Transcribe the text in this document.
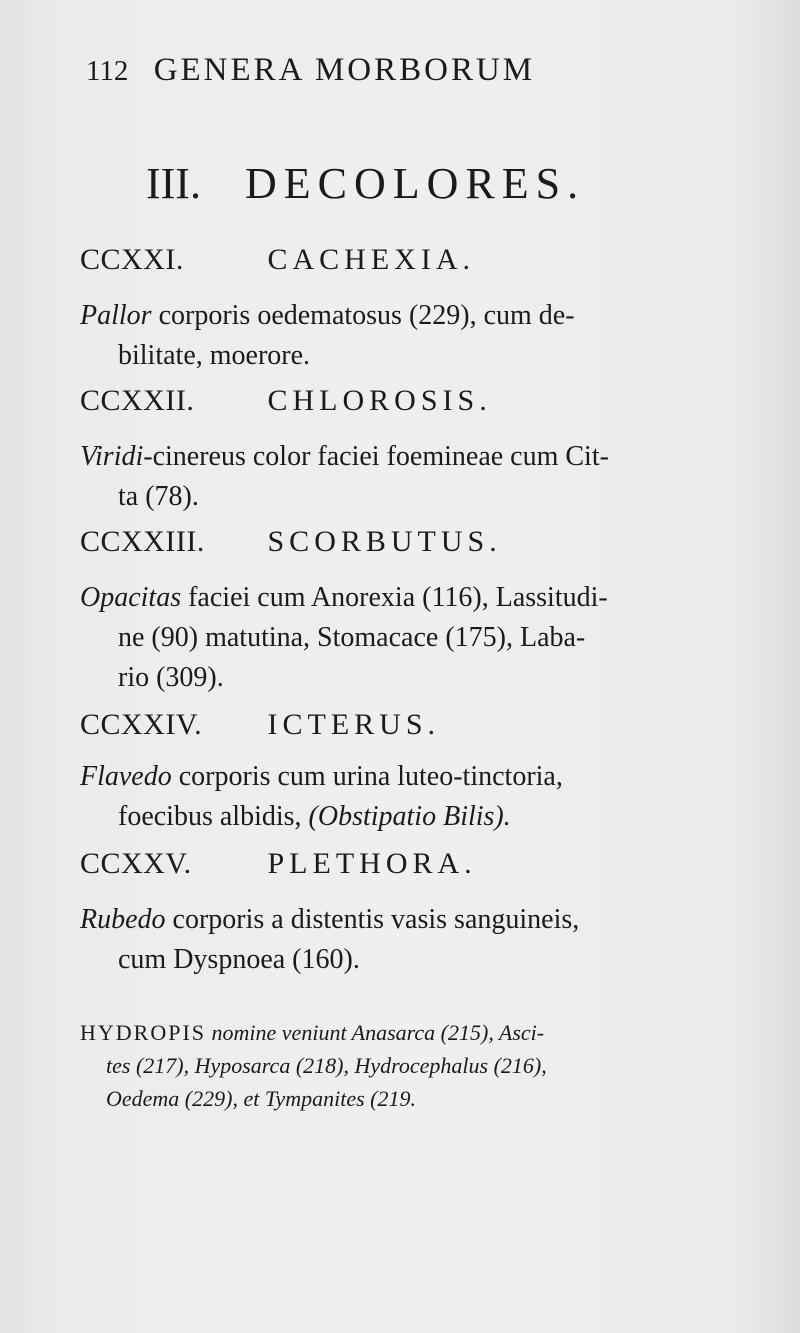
112 GENERA MORBORUM
III. DECOLORES.
CCXXI.	CACHEXIA.
Pallor corporis oedematosus (229), cum de-
bilitate, moerore.
CCXXII. CHLOROSIS.
Viridi-cinereus color faciei foemineae cum Cit-
ta (78).
CCXXIII. SCORBUTUS.
Opacitas faciei cum Anorexia (116), Lassitudi-
ne (90) matutina, Stomacace (175), Laba-
rio (309).
CCXXIV. ICTERUS.
Flavedo corporis cum urina luteo-tinctoria,
foecibus albidis, (Obstipatio Bilis).
CCXXV.	PLETHORA.
Rubedo corporis a distentis vasis sanguineis,
cum Dyspnoea (160).
HYDROPIS nomine veniunt Anasarca (215), Asci-
tes (217), Hyposarca (218), Hydrocephalus (216),
Oedema (229), et Tympanites (219.
